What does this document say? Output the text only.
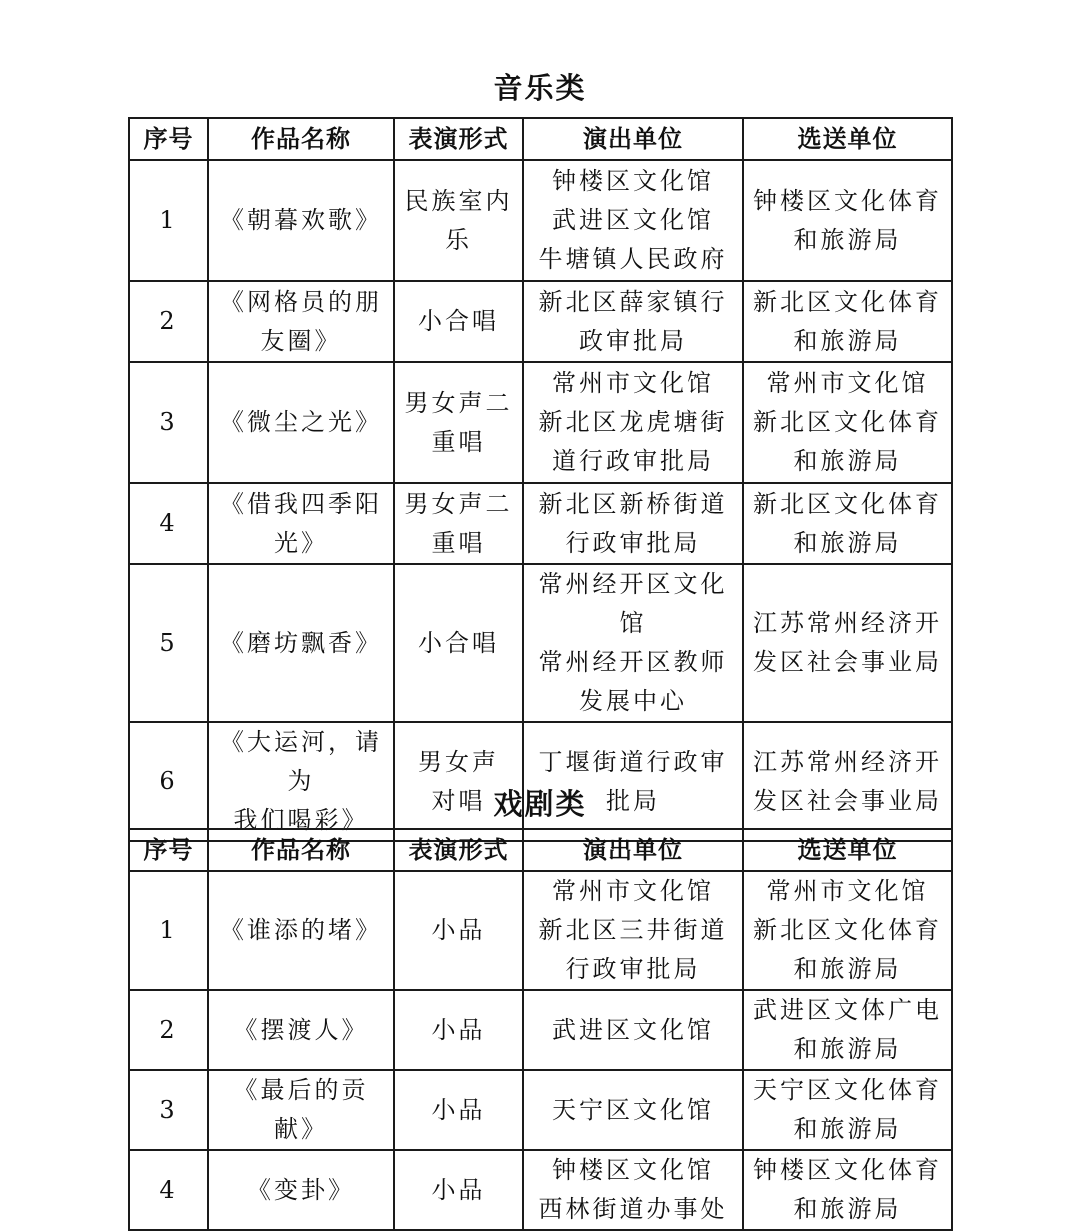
音乐类
序号	作品名称	表演形式	演出单位	选送单位
1	《朝暮欢歌》	民族室内乐	钟楼区文化馆
武进区文化馆
牛塘镇人民政府	钟楼区文化体育
和旅游局

2	《网格员的朋
友圈》	小合唱	新北区薛家镇行
政审批局	新北区文化体育
和旅游局

3	《微尘之光》	男女声二
重唱	常州市文化馆
新北区龙虎塘街
道行政审批局	常州市文化馆
新北区文化体育
和旅游局

4	《借我四季阳光》	男女声二
重唱	新北区新桥街道
行政审批局	新北区文化体育
和旅游局

5	《磨坊飘香》	小合唱	常州经开区文化馆
常州经开区教师
发展中心	江苏常州经济开
发区社会事业局

6	《大运河，请为
我们喝彩》	男女声
对唱	丁堰街道行政审
批局	江苏常州经济开
发区社会事业局
戏剧类
序号	作品名称	表演形式	演出单位	选送单位
1	《谁添的堵》	小品	常州市文化馆
新北区三井街道
行政审批局	常州市文化馆
新北区文化体育
和旅游局

2	《摆渡人》	小品	武进区文化馆	武进区文体广电
和旅游局

3	《最后的贡献》	小品	天宁区文化馆	天宁区文化体育
和旅游局

4	《变卦》	小品	钟楼区文化馆
西林街道办事处	钟楼区文化体育
和旅游局
